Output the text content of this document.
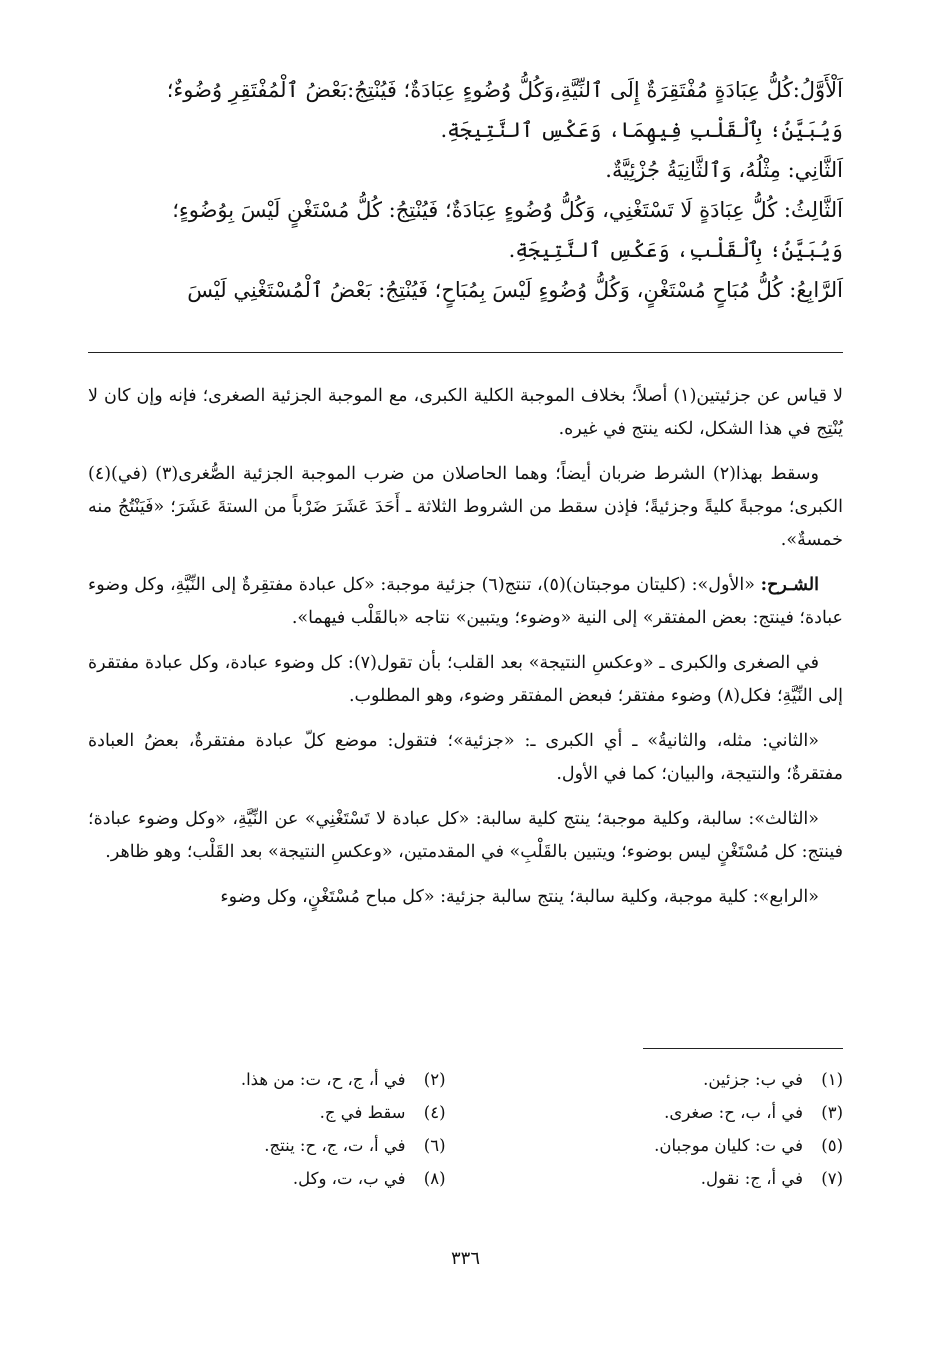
اَلْأَوَّلُ:كُلُّ عِبَادَةٍ مُفْتَقِرَةٌ إِلَى ٱلنِّيَّةِ،وَكُلُّ وُضُوءٍ عِبَادَةٌ؛ فَيُنْتِجُ:بَعْضُ ٱلْمُفْتَقِرِ وُضُوءٌ؛

وَيُبَيَّنُ؛ بِٱلْقَلْبِ فِيهِمَا، وَعَكْسِ ٱلنَّتِيجَةِ.

اَلثَّانِي: مِثْلُهُ، وَٱلثَّانِيَةُ جُزْئِيَّةٌ.

اَلثَّالِثُ: كُلُّ عِبَادَةٍ لَا تَسْتَغْنِي، وَكُلُّ وُضُوءٍ عِبَادَةٌ؛ فَيُنْتِجُ: كُلُّ مُسْتَغْنٍ لَيْسَ بِوُضُوءٍ؛

وَيُبَيَّنُ؛ بِٱلْقَلْبِ، وَعَكْسِ ٱلنَّتِيجَةِ.

اَلرَّابِعُ: كُلُّ مُبَاحٍ مُسْتَغْنٍ، وَكُلُّ وُضُوءٍ لَيْسَ بِمُبَاحٍ؛ فَيُنْتِجُ: بَعْضُ ٱلْمُسْتَغْنِي لَيْسَ

لا قياس عن جزئيتين(١) أصلاً؛ بخلاف الموجبة الكلية الكبرى، مع الموجبة الجزئية الصغرى؛ فإنه وإن كان لا يُنْتِج في هذا الشكل، لكنه ينتج في غيره.

وسقط بهذا(٢) الشرط ضربان أيضاً؛ وهما الحاصلان من ضرب الموجبة الجزئية الصُّغرى(٣) (في)(٤) الكبرى؛ موجبةً كليةً وجزئيةً؛ فإذن سقط من الشروط الثلاثة ـ أَحَدَ عَشَرَ ضَرْباً من الستةَ عَشَرَ؛ «فَيَنْتُجُ منه خمسةٌ».

الشـرح: «الأول»: (كليتان موجبتان)(٥)، تنتج(٦) جزئية موجبة: «كل عبادة مفتقِرةٌ إلى النِّيَّةِ، وكل وضوء عبادة؛ فينتج: بعض المفتقر» إلى النية «وضوء؛ ويتبين» نتاجه «بالقَلْب فيهما».

في الصغرى والكبرى ـ «وعكسِ النتيجة» بعد القلب؛ بأن تقول(٧): كل وضوء عبادة، وكل عبادة مفتقرة إلى النِّيَّةِ؛ فكل(٨) وضوء مفتقر؛ فبعض المفتقر وضوء، وهو المطلوب.

«الثاني: مثله، والثانيةُ» ـ أي الكبرى ـ: «جزئية»؛ فتقول: موضع كلّ عبادة مفتقرةٌ، بعضُ العبادة مفتقرةٌ؛ والنتيجة، والبيان؛ كما في الأول.

«الثالث»: سالبة، وكلية موجبة؛ ينتج كلية سالبة: «كل عبادة لا تَسْتَغْنِي» عن النِّيَّةِ، «وكل وضوء عبادة؛ فينتج: كل مُسْتَغْنٍ ليس بوضوء؛ ويتبين بالقَلْبِ» في المقدمتين، «وعكسِ النتيجة» بعد القَلْب؛ وهو ظاهر.

«الرابع»: كلية موجبة، وكلية سالبة؛ ينتج سالبة جزئية: «كل مباح مُسْتَغْنٍ، وكل وضوء

(١)في ب: جزئين.
(٢)في أ، ج، ح، ت: من هذا.
(٣)في أ، ب، ح: صغرى.
(٤)سقط في ج.
(٥)في ت: كليان موجبان.
(٦)في أ، ت، ج، ح: ينتج.
(٧)في أ، ج: نقول.
(٨)في ب، ت، وكل.
٣٣٦
